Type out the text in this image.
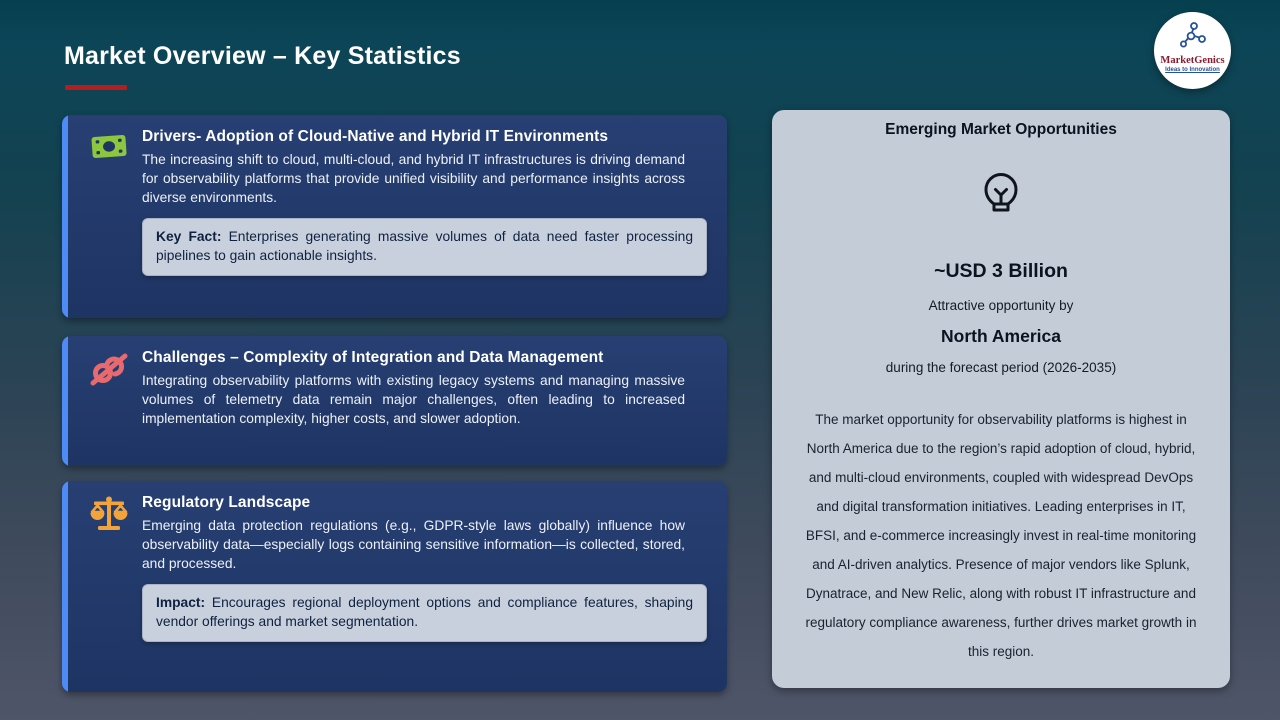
Market Overview – Key Statistics	MarketGenics
Ideas to Innovation
Drivers- Adoption of Cloud-Native and Hybrid IT Environments
The increasing shift to cloud, multi-cloud, and hybrid IT infrastructures is driving demand for observability platforms that provide unified visibility and performance insights across diverse environments.
Key Fact: Enterprises generating massive volumes of data need faster processing pipelines to gain actionable insights.
Challenges – Complexity of Integration and Data Management
Integrating observability platforms with existing legacy systems and managing massive volumes of telemetry data remain major challenges, often leading to increased implementation complexity, higher costs, and slower adoption.
Regulatory Landscape
Emerging data protection regulations (e.g., GDPR-style laws globally) influence how observability data—especially logs containing sensitive information—is collected, stored, and processed.
Impact: Encourages regional deployment options and compliance features, shaping vendor offerings and market segmentation.
Emerging Market Opportunities
~USD 3 Billion
Attractive opportunity by
North America
during the forecast period (2026-2035)
The market opportunity for observability platforms is highest in North America due to the region’s rapid adoption of cloud, hybrid, and multi-cloud environments, coupled with widespread DevOps and digital transformation initiatives. Leading enterprises in IT, BFSI, and e-commerce increasingly invest in real-time monitoring and AI-driven analytics. Presence of major vendors like Splunk, Dynatrace, and New Relic, along with robust IT infrastructure and regulatory compliance awareness, further drives market growth in this region.
